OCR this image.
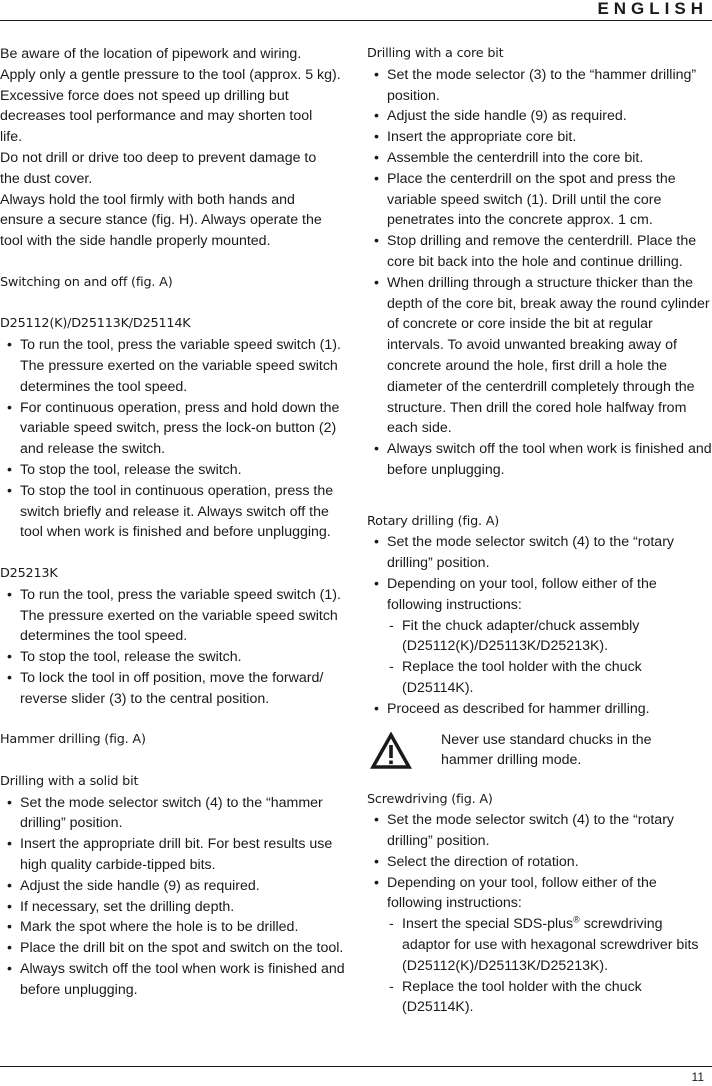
ENGLISH

Be aware of the location of pipework and wiring.

Apply only a gentle pressure to the tool (approx. 5 kg).

Excessive force does not speed up drilling but

decreases tool performance and may shorten tool

life.

Do not drill or drive too deep to prevent damage to

the dust cover.

Always hold the tool firmly with both hands and

ensure a secure stance (fig. H). Always operate the

tool with the side handle properly mounted.

Switching on and off (fig. A)

D25112(K)/D25113K/D25114K

• To run the tool, press the variable speed switch (1). The pressure exerted on the variable speed switch determines the tool speed.
• For continuous operation, press and hold down the variable speed switch, press the lock-on button (2) and release the switch.
• To stop the tool, release the switch.
• To stop the tool in continuous operation, press the switch briefly and release it. Always switch off the tool when work is finished and before unplugging.

D25213K

• To run the tool, press the variable speed switch (1). The pressure exerted on the variable speed switch determines the tool speed.
• To stop the tool, release the switch.
• To lock the tool in off position, move the forward/ reverse slider (3) to the central position.

Hammer drilling (fig. A)

Drilling with a solid bit

• Set the mode selector switch (4) to the “hammer drilling” position.
• Insert the appropriate drill bit. For best results use high quality carbide-tipped bits.
• Adjust the side handle (9) as required.
• If necessary, set the drilling depth.
• Mark the spot where the hole is to be drilled.
• Place the drill bit on the spot and switch on the tool.
• Always switch off the tool when work is finished and before unplugging.

Drilling with a core bit

• Set the mode selector (3) to the “hammer drilling” position.
• Adjust the side handle (9) as required.
• Insert the appropriate core bit.
• Assemble the centerdrill into the core bit.
• Place the centerdrill on the spot and press the variable speed switch (1). Drill until the core penetrates into the concrete approx. 1 cm.
• Stop drilling and remove the centerdrill. Place the core bit back into the hole and continue drilling.
• When drilling through a structure thicker than the depth of the core bit, break away the round cylinder of concrete or core inside the bit at regular intervals. To avoid unwanted breaking away of concrete around the hole, first drill a hole the diameter of the centerdrill completely through the structure. Then drill the cored hole halfway from each side.
• Always switch off the tool when work is finished and before unplugging.

Rotary drilling (fig. A)

• Set the mode selector switch (4) to the “rotary drilling” position.
• Depending on your tool, follow either of the following instructions:
- Fit the chuck adapter/chuck assembly (D25112(K)/D25113K/D25213K).
- Replace the tool holder with the chuck (D25114K).
• Proceed as described for hammer drilling.
Never use standard chucks in the hammer drilling mode.

Screwdriving (fig. A)

• Set the mode selector switch (4) to the “rotary drilling” position.
• Select the direction of rotation.
• Depending on your tool, follow either of the following instructions:
- Insert the special SDS-plus® screwdriving adaptor for use with hexagonal screwdriver bits (D25112(K)/D25113K/D25213K).
- Replace the tool holder with the chuck (D25114K).
11
